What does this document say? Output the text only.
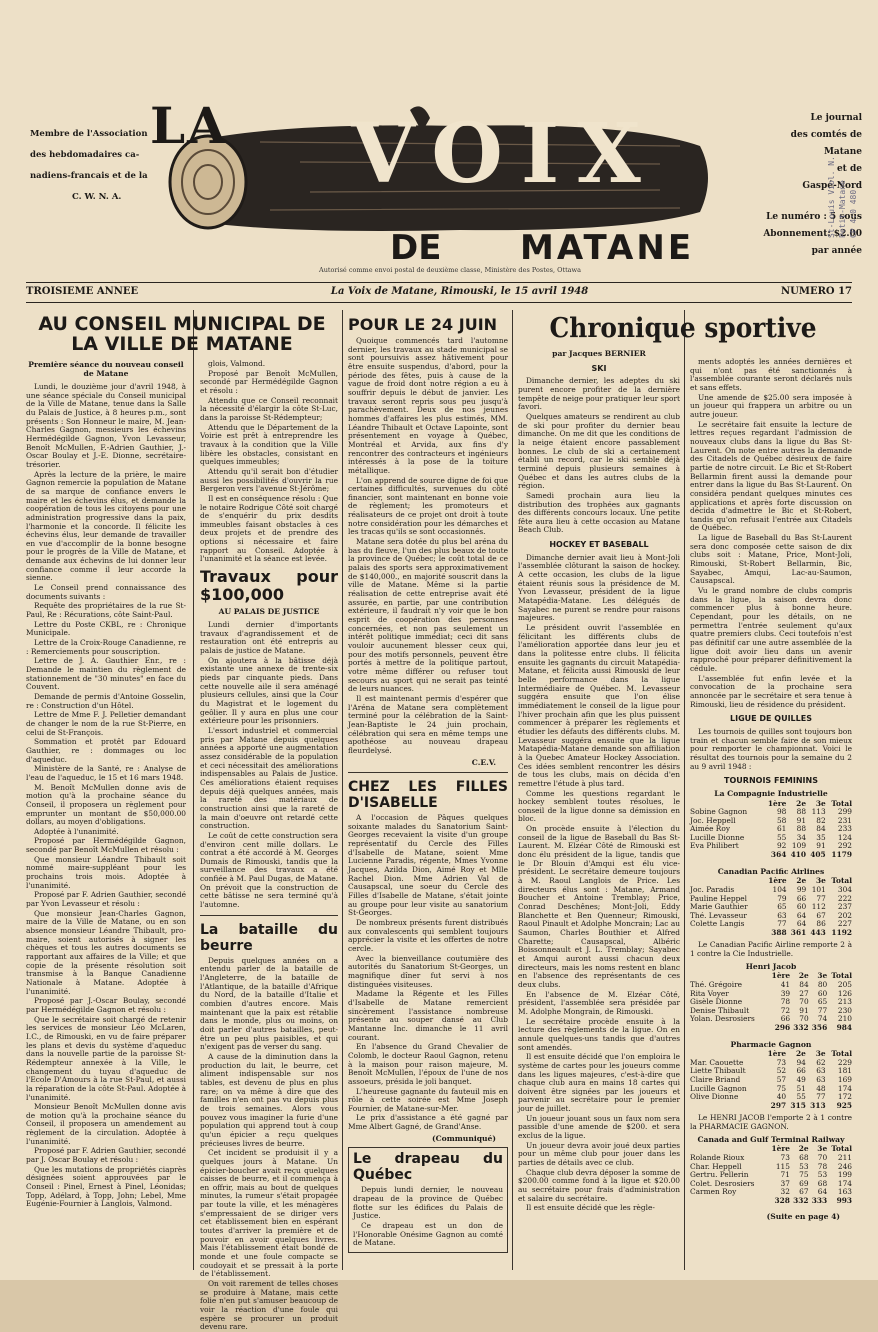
Membre de l'Association
des hebdomadaires ca-
nadiens-francais et de la
C. W. N. A.
LA	VOIX
DE MATANE
Autorisé comme envoi postal de deuxième classe, Ministère des Postes, Ottawa
Le journal
des comtés de
Matane
et de
Gaspé-Nord
Le numéro : 5 sous
Abonnement: $2.00
par année
St-Louis Viol. N. Petit-Matane CP 4:0 480
TROISIEME ANNEE	La Voix de Matane, Rimouski, le 15 avril 1948	NUMERO 17
AU CONSEIL MUNICIPAL DE LA VILLE DE MATANE
Première séance du nouveau conseil de Matane

Lundi, le douzième jour d'avril 1948, à une séance spéciale du Conseil municipal de la Ville de Matane, tenue dans la Salle du Palais de Justice, à 8 heures p.m., sont présents : Son Honneur le maire, M. Jean-Charles Gagnon, messieurs les échevins Hermédégilde Gagnon, Yvon Levasseur, Benoît McMullen, F.-Adrien Gauthier, J.-Oscar Boulay et J.-E. Dionne, secrétaire-trésorier.

Après la lecture de la prière, le maire Gagnon remercie la population de Matane de sa marque de confiance envers le maire et les échevins élus, et demande la coopération de tous les citoyens pour une administration progressive dans la paix, l'harmonie et la concorde. Il félicite les échevins élus, leur demande de travailler en vue d'accomplir de la bonne besogne pour le progrès de la Ville de Matane, et demande aux échevins de lui donner leur confiance comme il leur accorde la sienne.

Le Conseil prend connaissance des documents suivants :

Requête des propriétaires de la rue St-Paul, Re : Récurations, côte Saint-Paul.

Lettre du Poste CKBL, re : Chronique Municipale.

Lettre de la Croix-Rouge Canadienne, re : Remerciements pour souscription.

Lettre de J. A. Gauthier Enr., re : Demande le maintien du règlement de stationnement de "30 minutes" en face du Couvent.

Demande de permis d'Antoine Gosselin, re : Construction d'un Hôtel.

Lettre de Mme F. J. Pelletier demandant de changer le nom de la rue St-Pierre, en celui de St-François.

Sommation et protêt par Edouard Gauthier, re : dommages ou loc d'aqueduc.

Ministère de la Santé, re : Analyse de l'eau de l'aqueduc, le 15 et 16 mars 1948.

M. Benoît McMullen donne avis de motion qu'à la prochaine séance du Conseil, il proposera un règlement pour emprunter un montant de $50,000.00 dollars, au moyen d'obligations.

Adoptée à l'unanimité.

Proposé par Hermédégilde Gagnon, secondé par Benoît McMullen et résolu :

Que monsieur Léandre Thibault soit nommé maire-suppléant pour les prochains trois mois. Adoptée à l'unanimité.

Proposé par F. Adrien Gauthier, secondé par Yvon Levasseur et résolu :

Que monsieur Jean-Charles Gagnon, maire de la Ville de Matane, ou en son absence monsieur Léandre Thibault, pro-maire, soient autorisés à signer les chèques et tous les autres documents se rapportant aux affaires de la Ville; et que copie de la présente résolution soit transmise à la Banque Canadienne Nationale à Matane. Adoptée à l'unanimité.

Proposé par J.-Oscar Boulay, secondé par Hermédégilde Gagnon et résolu :

Que le secrétaire soit chargé de retenir les services de monsieur Léo McLaren, I.C., de Rimouski, en vu de faire préparer les plans et devis du système d'aqueduc dans la nouvelle partie de la paroisse St-Rédempteur annexée à la Ville, le changement du tuyau d'aqueduc de l'Ecole D'Amours à la rue St-Paul, et aussi la réparation de la côte St-Paul. Adoptée à l'unanimité.

Monsieur Benoît McMullen donne avis de motion qu'à la prochaine séance du Conseil, il proposera un amendement au règlement de la circulation. Adoptée à l'unanimité.

Proposé par F. Adrien Gauthier, secondé par J. Oscar Boulay et résolu :

Que les mutations de propriétés ciaprès désignées soient approuvées par le Conseil : Pinel, Ernest à Pinel, Léonidas; Topp, Adélard, à Topp, John; Lebel, Mme Eugénie-Fournier à Langlois, Valmond.

glois, Valmond.

Proposé par Benoît McMullen, secondé par Hermédégilde Gagnon et résolu :

Attendu que ce Conseil reconnait la nécessité d'élargir la côte St-Luc, dans la paroisse St-Rédempteur;

Attendu que le Département de la Voirie est prêt à entreprendre les travaux à la condition que la Ville libère les obstacles, consistant en quelques immeubles;

Attendu qu'il serait bon d'étudier aussi les possibilités d'ouvrir la rue Bergeron vers l'avenue St-Jérôme;

Il est en conséquence résolu : Que le notaire Rodrigue Côté soit chargé de s'enquérir du prix desdits immeubles faisant obstacles à ces deux projets et de prendre des options si nécessaire et faire rapport au Conseil. Adoptée à l'unanimité et la séance est levée.

Travaux pour $100,000
AU PALAIS DE JUSTICE

Lundi dernier d'importants travaux d'agrandissement et de restauration ont été entrepris au palais de justice de Matane.

On ajoutera à la bâtisse déjà existante une annexe de trente-six pieds par cinquante pieds. Dans cette nouvelle aile il sera aménagé plusieurs cellules, ainsi que la Cour du Magistrat et le logement du geôlier. Il y aura en plus une cour extérieure pour les prisonniers.

L'essort industriel et commercial pris par Matane depuis quelques années a apporté une augmentation assez considérable de la population et ceci nécessitait des améliorations indispensables au Palais de Justice. Ces améliorations étaient requises depuis déjà quelques années, mais la rareté des matériaux de construction ainsi que la rareté de la main d'oeuvre ont retardé cette construction.

Le coût de cette construction sera d'environ cent mille dollars. Le contrat a été accordé à M. Georges Dumais de Rimouski, tandis que la surveillance des travaux a été confiée à M. Paul Dugas, de Matane. On prévoit que la construction de cette bâtisse ne sera terminé qu'à l'automne.

La bataille du beurre

Depuis quelques années on a entendu parler de la bataille de l'Angleterre, de la bataille de l'Atlantique, de la bataille d'Afrique du Nord, de la bataille d'Italie et combien d'autres encore. Mais maintenant que la paix est rétablie dans le monde, plus ou moins, on doit parler d'autres batailles, peut-être un peu plus paisibles, et qui n'exigent pas de verser du sang.

A cause de la diminution dans la production du lait, le beurre, cet aliment indispensable sur nos tables, est devenu de plus en plus rare; on va même à dire que des familles n'en ont pas vu depuis plus de trois semaines. Alors vous pouvez vous imaginer la furie d'une population qui apprend tout à coup qu'un épicier a reçu quelques précieuses livres de beurre.

Cet incident se produisit il y a quelques jours à Matane. Un épicier-boucher avait reçu quelques caisses de beurre, et il commença à en offrir, mais au bout de quelques minutes, la rumeur s'était propagée par toute la ville, et les ménagères s'empressaient de se diriger vers cet établissement bien en espérant toutes d'arriver la première et de pouvoir en avoir quelques livres. Mais l'établissement était bondé de monde et une foule compacte se coudoyait et se pressait à la porte de l'établissement.

On voit rarement de telles choses se produire à Matane, mais cette folie n'en put s'amuser beaucoup de voir la réaction d'une foule qui espère se procurer un produit devenu rare.

POUR LE 24 JUIN

Quoique commencés tard l'automne dernier, les travaux au stade municipal se sont poursuivis assez hâtivement pour être ensuite suspendus, d'abord, pour la période des fêtes, puis à cause de la vague de froid dont notre région a eu à souffrir depuis le début de janvier. Les travaux seront repris sous peu jusqu'à parachèvement. Deux de nos jeunes hommes d'affaires les plus estimés, MM. Léandre Thibault et Octave Lapointe, sont présentement en voyage à Québec, Montréal et Arvida, aux fins d'y rencontrer des contracteurs et ingénieurs intéressés à la pose de la toiture métallique.

L'on apprend de source digne de foi que certaines difficultés, survenues du côté financier, sont maintenant en bonne voie de règlement; les promoteurs et réalisateurs de ce projet ont droit à toute notre considération pour les démarches et les tracas qu'ils se sont occasionnés.

Matane sera dotée du plus bel aréna du bas du fleuve, l'un des plus beaux de toute la province de Québec; le coût total de ce palais des sports sera approximativement de $140,000., en majorité souscrit dans la ville de Matane. Même si la partie réalisation de cette entreprise avait été assurée, en partie, par une contribution extérieure, il faudrait n'y voir que le bon esprit de coopération des personnes concernées, et non pas seulement un intérêt politique immédiat; ceci dit sans vouloir aucunement blesser ceux qui, pour des motifs personnels, peuvent être portés à mettre de la politique partout, votre même différer ou refuser tout secours au sport qui ne serait pas teinté de leurs nuances.

Il est maintenant permis d'espérer que l'Aréna de Matane sera complètement terminé pour la célébration de la Saint-Jean-Baptiste le 24 juin prochain, célébration qui sera en même temps une apothéose au nouveau drapeau fleurdelysé.

C.E.V.
CHEZ LES FILLES D'ISABELLE

A l'occasion de Pâques quelques soixante malades du Sanatorium Saint-Georges recevaient la visite d'un groupe représentatif du Cercle des Filles d'Isabelle de Matane, soient Mme Lucienne Paradis, régente, Mmes Yvonne Jacques, Azilda Dion, Aimé Roy et Mlle Rachel Dion. Mme Adrien Val de Causapscal, une soeur du Cercle des Filles d'Isabelle de Matane, s'était jointe au groupe pour leur visite au sanatorium St-Georges.

De nombreux présents furent distribués aux convalescents qui semblent toujours apprécier la visite et les offertes de notre cercle.

Avec la bienveillance coutumière des autorités du Sanatorium St-Georges, un magnifique dîner fut servi à nos distinguées visiteuses.

Madame la Régente et les Filles d'Isabelle de Matane remercient sincèrement l'assistance nombreuse présente au souper dansé au Club Mantanne Inc. dimanche le 11 avril courant.

En l'absence du Grand Chevalier de Colomb, le docteur Raoul Gagnon, retenu à la maison pour raison majeure, M. Benoît McMullen, l'époux de l'une de nos assoeurs, présida le joli banquet.

L'heureuse gagnante du fauteuil mis en rôle à cette soirée est Mme Joseph Fournier, de Matane-sur-Mer.

Le prix d'assistance a été gagné par Mme Albert Gagné, de Grand'Anse.

(Communiqué)
Le drapeau du Québec

Depuis lundi dernier, le nouveau drapeau de la province de Québec flotte sur les édifices du Palais de Justice.

Ce drapeau est un don de l'Honorable Onésime Gagnon au comté de Matane.

Chronique sportive
par Jacques BERNIER
SKI

Dimanche dernier, les adeptes du ski purent encore profiter de la dernière tempête de neige pour pratiquer leur sport favori.

Quelques amateurs se rendirent au club de ski pour profiter du dernier beau dimanche. On me dit que les conditions de la neige étaient encore passablement bonnes. Le club de ski a certainement établi un record, car le ski semble déjà terminé depuis plusieurs semaines à Québec et dans les autres clubs de la région.

Samedi prochain aura lieu la distribution des trophées aux gagnants des différents concours locaux. Une petite fête aura lieu à cette occasion au Matane Beach Club.

HOCKEY ET BASEBALL

Dimanche dernier avait lieu à Mont-Joli l'assemblée clôturant la saison de hockey. A cette occasion, les clubs de la ligue étaient réunis sous la présidence de M. Yvon Levasseur, président de la ligue Matapédia-Matane. Les délégués de Sayabec ne purent se rendre pour raisons majeures.

Le président ouvrit l'assemblée en félicitant les différents clubs de l'amélioration apportée dans leur jeu et dans la politesse entre clubs. Il félicita ensuite les gagnants du circuit Matapédia-Matane, et félicita aussi Rimouski de leur belle performance dans la ligue Intermédiaire de Québec. M. Levasseur suggéra ensuite que l'on élise immédiatement le conseil de la ligue pour l'hiver prochain afin que les plus puissent commencer à préparer les règlements et étudier les défauts des différents clubs. M. Levasseur suggéra ensuite que la ligue Matapédia-Matane demande son affiliation à la Quebec Amateur Hockey Association. Ces idées semblent rencontrer les désirs de tous les clubs, mais on décida d'en remettre l'étude à plus tard.

Comme les questions regardant le hockey semblent toutes résolues, le conseil de la ligue donne sa démission en bloc.

On procède ensuite à l'élection du conseil de la ligue de Baseball du Bas St-Laurent. M. Elzéar Côté de Rimouski est donc élu président de la ligue, tandis que le Dr Blouin d'Amqui est élu vice-président. Le secrétaire demeure toujours à M. Raoul Langlois de Price. Les directeurs élus sont : Matane, Armand Boucher et Antoine Tremblay; Price, Conrad Deschênes; Mont-Joli, Eddy Blanchette et Ben Quenneur; Rimouski, Raoul Pinault et Adolphe Moncrain; Lac au Saumon, Charles Bouthier et Alfred Charette; Causapscal, Albéric Boissonneault et J. L. Tremblay; Sayabec et Amqui auront aussi chacun deux directeurs, mais les noms restent en blanc en l'absence des représentants de ces deux clubs.

En l'absence de M. Elzéar Côté, président, l'assemblée sera présidée par M. Adolphe Mongrain, de Rimouski.

Le secrétaire procède ensuite à la lecture des règlements de la ligue. On en annule quelques-uns tandis que d'autres sont amendés.

Il est ensuite décidé que l'on emploira le système de cartes pour les joueurs comme dans les ligues majeures, c'est-à-dire que chaque club aura en mains 18 cartes qui doivent être signées par les joueurs et parvenir au secrétaire pour le premier jour de juillet.

Un joueur jouant sous un faux nom sera passible d'une amende de $200. et sera exclus de la ligue.

Un joueur devra avoir joué deux parties pour un même club pour jouer dans les parties de détails avec ce club.

Chaque club devra déposer la somme de $200.00 comme fond à la ligue et $20.00 au secrétaire pour frais d'administration et salaire du secrétaire.

Il est ensuite décidé que les règle-

ments adoptés les années dernières et qui n'ont pas été sanctionnés à l'assemblée courante seront déclarés nuls et sans effets.

Une amende de $25.00 sera imposée à un joueur qui frappera un arbitre ou un autre joueur.

Le secrétaire fait ensuite la lecture de lettres reçues regardant l'admission de nouveaux clubs dans la ligue du Bas St-Laurent. On note entre autres la demande des Citadels de Québec désireux de faire partie de notre circuit. Le Bic et St-Robert Bellarmin firent aussi la demande pour entrer dans la ligue du Bas St-Laurent. On considéra pendant quelques minutes ces applications et après forte discussion on décida d'admettre le Bic et St-Robert, tandis qu'on refusait l'entrée aux Citadels de Québec.

La ligue de Baseball du Bas St-Laurent sera donc composée cette saison de dix clubs soit : Matane, Price, Mont-Joli, Rimouski, St-Robert Bellarmin, Bic, Sayabec, Amqui, Lac-au-Saumon, Causapscal.

Vu le grand nombre de clubs compris dans la ligue, la saison devra donc commencer plus à bonne heure. Cependant, pour les détails, on ne permettra l'entrée seulement qu'aux quatre premiers clubs. Ceci toutefois n'est pas définitif car une autre assemblée de la ligue doit avoir lieu dans un avenir rapproché pour préparer définitivement la cédule.

L'assemblée fut enfin levée et la convocation de la prochaine sera annoncée par le secrétaire et sera tenue à Rimouski, lieu de résidence du président.

LIGUE DE QUILLES

Les tournois de quilles sont toujours bon train et chacun semble faire de son mieux pour remporter le championnat. Voici le résultat des tournois pour la semaine du 2 au 9 avril 1948 :

TOURNOIS FEMININS
La Compagnie Industrielle
	1ère	2e	3e	Total
Sobine Gagnon	98	88	113	299
Joc. Heppell	58	91	82	231
Aimée Roy	61	88	84	233
Lucille Dionne	55	34	35	124
Eva Philibert	92	109	91	292
	364	410	405	1179
Canadian Pacific Airlines
	1ère	2e	3e	Total
Joc. Paradis	104	99	101	304
Pauline Heppel	79	66	77	222
Marie Gauthier	65	60	112	237
Thé. Levasseur	63	64	67	202
Colette Langis	77	64	86	227
	388	361	443	1192

Le Canadian Pacific Airline remporte 2 à 1 contre la Cie Industrielle.

Henri Jacob
	1ère	2e	3e	Total
Thé. Grégoire	41	84	80	205
Rita Voyer	39	27	60	126
Gisèle Dionne	78	70	65	213
Denise Thibault	72	91	77	230
Yolan. Desrosiers	66	70	74	210
	296	332	356	984
Pharmacie Gagnon
	1ère	2e	3e	Total
Mar. Caouette	73	94	62	229
Liette Thibault	52	66	63	181
Claire Briand	57	49	63	169
Lucille Gagnon	75	51	48	174
Olive Dionne	40	55	77	172
	297	315	313	925

Le HENRI JACOB l'emporte 2 à 1 contre la PHARMACIE GAGNON.

Canada and Gulf Terminal Railway
	1ère	2e	3e	Total
Rolande Rioux	73	68	70	211
Char. Heppell	115	53	78	246
Gertru. Pellerin	71	75	53	199
Colet. Desrosiers	37	69	68	174
Carmen Roy	32	67	64	163
	328	332	333	993
(Suite en page 4)
